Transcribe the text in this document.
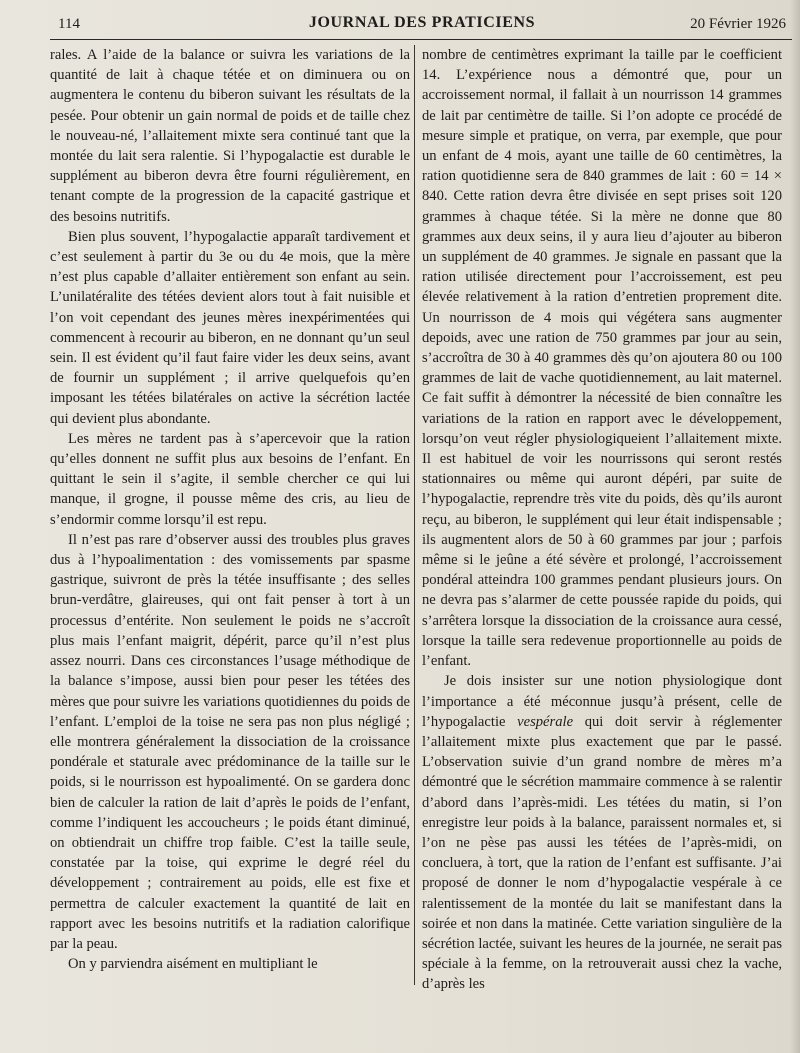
114	JOURNAL DES PRATICIENS	20 Février 1926

rales. A l’aide de la balance or suivra les variations de la quantité de lait à chaque tétée et on diminuera ou on augmentera le contenu du biberon suivant les résultats de la pesée. Pour obtenir un gain normal de poids et de taille chez le nouveau-né, l’allaitement mixte sera continué tant que la montée du lait sera ralentie. Si l’hypogalactie est durable le supplément au biberon devra être fourni régulièrement, en tenant compte de la progression de la capacité gastrique et des besoins nutritifs.

Bien plus souvent, l’hypogalactie apparaît tardivement et c’est seulement à partir du 3e ou du 4e mois, que la mère n’est plus capable d’allaiter entièrement son enfant au sein. L’unilatéralite des tétées devient alors tout à fait nuisible et l’on voit cependant des jeunes mères inexpérimentées qui commencent à recourir au biberon, en ne donnant qu’un seul sein. Il est évident qu’il faut faire vider les deux seins, avant de fournir un supplément ; il arrive quelquefois qu’en imposant les tétées bilatérales on active la sécrétion lactée qui devient plus abondante.

Les mères ne tardent pas à s’apercevoir que la ration qu’elles donnent ne suffit plus aux besoins de l’enfant. En quittant le sein il s’agite, il semble chercher ce qui lui manque, il grogne, il pousse même des cris, au lieu de s’endormir comme lorsqu’il est repu.

Il n’est pas rare d’observer aussi des troubles plus graves dus à l’hypoalimentation : des vomissements par spasme gastrique, suivront de près la tétée insuffisante ; des selles brun-verdâtre, glaireuses, qui ont fait penser à tort à un processus d’entérite. Non seulement le poids ne s’accroît plus mais l’enfant maigrit, dépérit, parce qu’il n’est plus assez nourri. Dans ces circonstances l’usage méthodique de la balance s’impose, aussi bien pour peser les tétées des mères que pour suivre les variations quotidiennes du poids de l’enfant. L’emploi de la toise ne sera pas non plus négligé ; elle montrera généralement la dissociation de la croissance pondérale et staturale avec prédominance de la taille sur le poids, si le nourrisson est hypoalimenté. On se gardera donc bien de calculer la ration de lait d’après le poids de l’enfant, comme l’indiquent les accoucheurs ; le poids étant diminué, on obtiendrait un chiffre trop faible. C’est la taille seule, constatée par la toise, qui exprime le degré réel du développement ; contrairement au poids, elle est fixe et permettra de calculer exactement la quantité de lait en rapport avec les besoins nutritifs et la radiation calorifique par la peau.

On y parviendra aisément en multipliant le

nombre de centimètres exprimant la taille par le coefficient 14. L’expérience nous a démontré que, pour un accroissement normal, il fallait à un nourrisson 14 grammes de lait par centimètre de taille. Si l’on adopte ce procédé de mesure simple et pratique, on verra, par exemple, que pour un enfant de 4 mois, ayant une taille de 60 centimètres, la ration quotidienne sera de 840 grammes de lait : 60 = 14 × 840. Cette ration devra être divisée en sept prises soit 120 grammes à chaque tétée. Si la mère ne donne que 80 grammes aux deux seins, il y aura lieu d’ajouter au biberon un supplément de 40 grammes. Je signale en passant que la ration utilisée directement pour l’accroissement, est peu élevée relativement à la ration d’entretien proprement dite. Un nourrisson de 4 mois qui végétera sans augmenter depoids, avec une ration de 750 grammes par jour au sein, s’accroîtra de 30 à 40 grammes dès qu’on ajoutera 80 ou 100 grammes de lait de vache quotidiennement, au lait maternel. Ce fait suffit à démontrer la nécessité de bien connaître les variations de la ration en rapport avec le développement, lorsqu’on veut régler physiologiqueient l’allaitement mixte. Il est habituel de voir les nourrissons qui seront restés stationnaires ou même qui auront dépéri, par suite de l’hypogalactie, reprendre très vite du poids, dès qu’ils auront reçu, au biberon, le supplément qui leur était indispensable ; ils augmentent alors de 50 à 60 grammes par jour ; parfois même si le jeûne a été sévère et prolongé, l’accroissement pondéral atteindra 100 grammes pendant plusieurs jours. On ne devra pas s’alarmer de cette poussée rapide du poids, qui s’arrêtera lorsque la dissociation de la croissance aura cessé, lorsque la taille sera redevenue proportionnelle au poids de l’enfant.

Je dois insister sur une notion physiologique dont l’importance a été méconnue jusqu’à présent, celle de l’hypogalactie vespérale qui doit servir à réglementer l’allaitement mixte plus exactement que par le passé. L’observation suivie d’un grand nombre de mères m’a démontré que le sécrétion mammaire commence à se ralentir d’abord dans l’après-midi. Les tétées du matin, si l’on enregistre leur poids à la balance, paraissent normales et, si l’on ne pèse pas aussi les tétées de l’après-midi, on concluera, à tort, que la ration de l’enfant est suffisante. J’ai proposé de donner le nom d’hypogalactie vespérale à ce ralentissement de la montée du lait se manifestant dans la soirée et non dans la matinée. Cette variation singulière de la sécrétion lactée, suivant les heures de la journée, ne serait pas spéciale à la femme, on la retrouverait aussi chez la vache, d’après les
